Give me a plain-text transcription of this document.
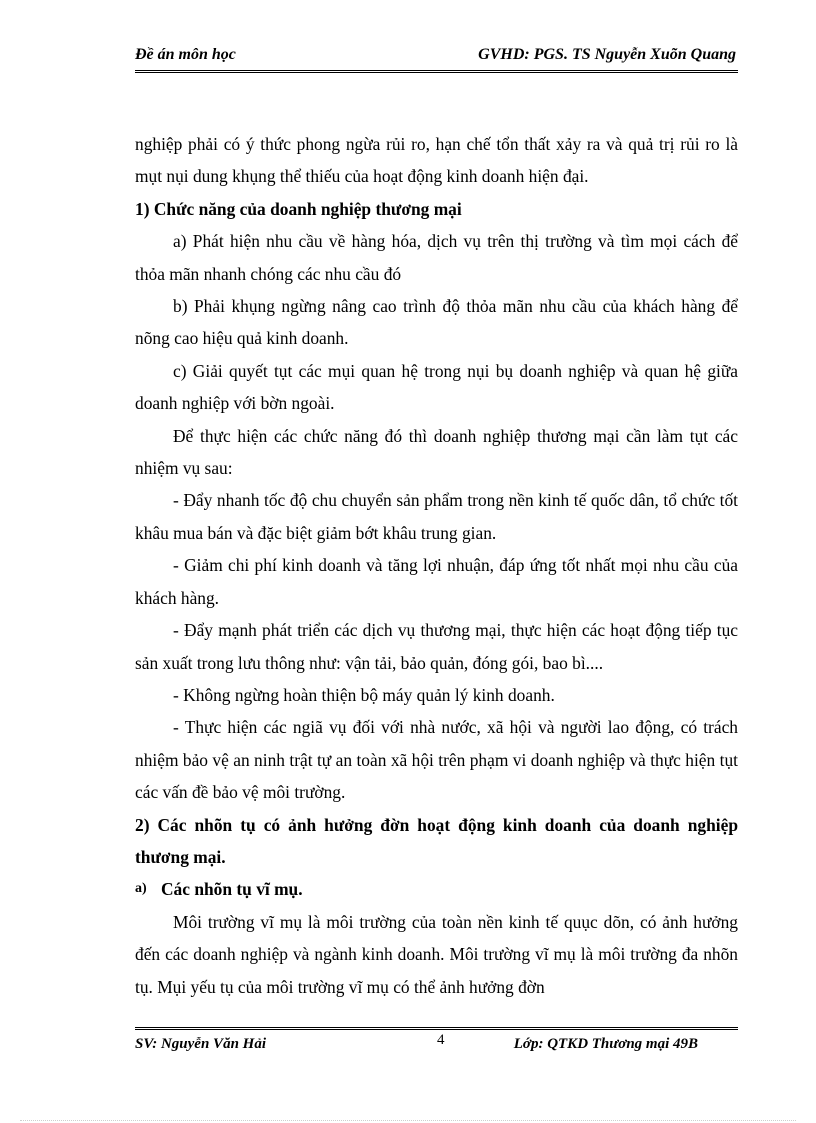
Đề án môn học	GVHD: PGS. TS Nguyễn Xuõn Quang

nghiệp phải có ý thức phong ngừa rủi ro, hạn chế tổn thất xảy ra và quả trị rủi ro là mụt nụi dung khụng thể thiếu của hoạt động kinh doanh hiện đại.

1) Chức năng của doanh nghiệp thương mại

a) Phát hiện nhu cầu về hàng hóa, dịch vụ trên thị trường và tìm mọi cách để thỏa mãn nhanh chóng các nhu cầu đó

b) Phải khụng ngừng nâng cao trình độ thỏa mãn nhu cầu của khách hàng để nõng cao hiệu quả kinh doanh.

c) Giải quyết tụt các mụi quan hệ trong nụi bụ doanh nghiệp và quan hệ giữa doanh nghiệp với bờn ngoài.

Để thực hiện các chức năng đó thì doanh nghiệp thương mại cần làm tụt các nhiệm vụ sau:

- Đẩy nhanh tốc độ chu chuyển sản phẩm trong nền kinh tế quốc dân, tổ chức tốt khâu mua bán và đặc biệt giảm bớt khâu trung gian.

- Giảm chi phí kinh doanh và tăng lợi nhuận, đáp ứng tốt nhất mọi nhu cầu của khách hàng.

- Đẩy mạnh phát triển các dịch vụ thương mại, thực hiện các hoạt động tiếp tục sản xuất trong lưu thông như: vận tải, bảo quản, đóng gói, bao bì....

- Không ngừng hoàn thiện bộ máy quản lý kinh doanh.

- Thực hiện các ngiã vụ đối với nhà nước, xã hội và người lao động, có trách nhiệm bảo vệ an ninh trật tự an toàn xã hội trên phạm vi doanh nghiệp và thực hiện tụt các vấn đề bảo vệ môi trường.

2) Các nhõn tụ có ảnh hưởng đờn hoạt động kinh doanh của doanh nghiệp thương mại.

a) Các nhõn tụ vĩ mụ.

Môi trường vĩ mụ là môi trường của toàn nền kinh tế quục dõn, có ảnh hưởng đến các doanh nghiệp và ngành kinh doanh. Môi trường vĩ mụ là môi trường đa nhõn tụ. Mụi yếu tụ của môi trường vĩ mụ có thể ảnh hưởng đờn

SV: Nguyễn Văn Hải	4	Lớp: QTKD Thương mại 49B
